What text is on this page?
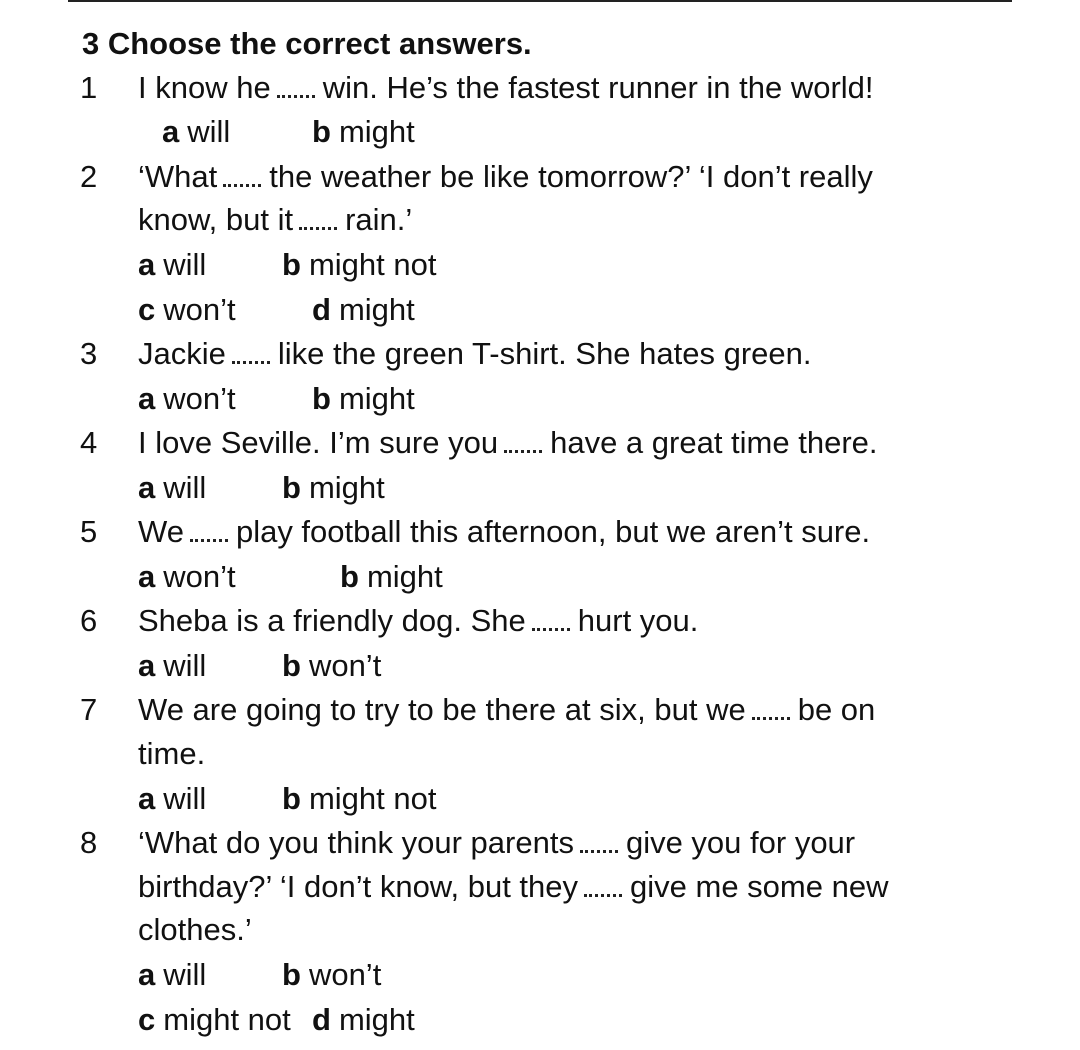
3 Choose the correct answers.
1 I know he win. He’s the fastest runner in the world!
a will	b might
2 ‘What the weather be like tomorrow?’ ‘I don’t really
know, but it rain.’
a will b might not
c won’t d might
3 Jackie like the green T-shirt. She hates green.
a won’t b might
4 I love Seville. I’m sure you have a great time there.
a will b might
5 We play football this afternoon, but we aren’t sure.
a won’t	b might
6 Sheba is a friendly dog. She hurt you.
a will b won’t
7 We are going to try to be there at six, but we be on
time.
a will b might not
8 ‘What do you think your parents give you for your
birthday?’ ‘I don’t know, but they give me some new
clothes.’
a will b won’t
c might not d might
